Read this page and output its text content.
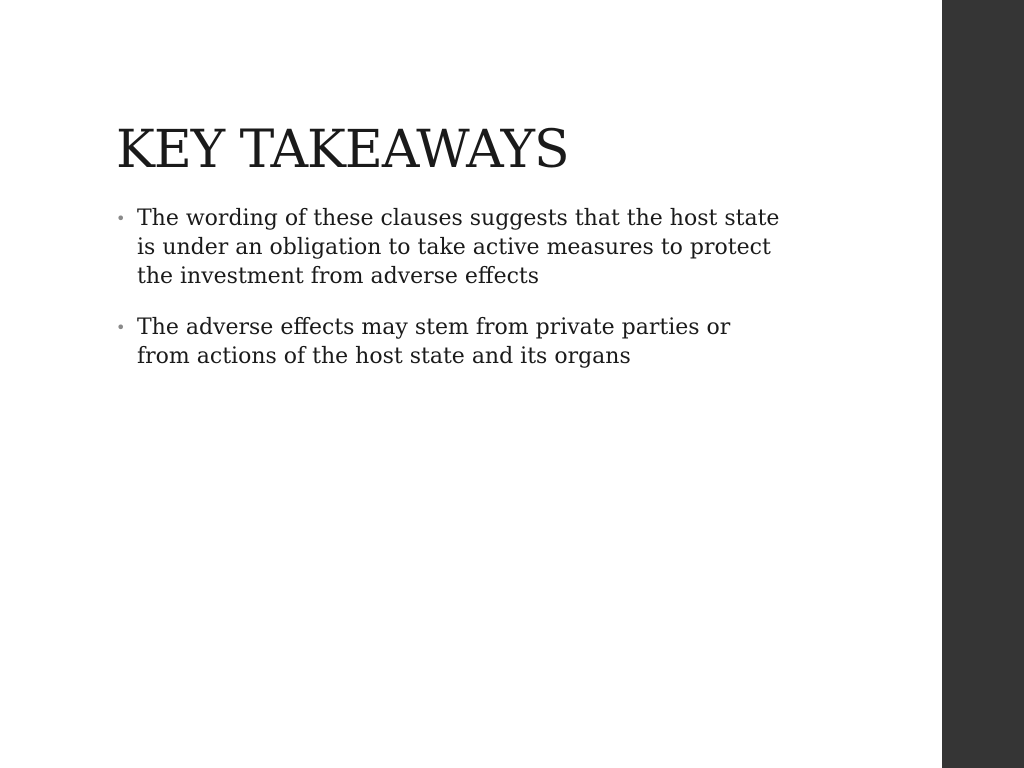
KEY TAKEAWAYS
• The wording of these clauses suggests that the host state
is under an obligation to take active measures to protect
the investment from adverse effects
• The adverse effects may stem from private parties or
from actions of the host state and its organs
